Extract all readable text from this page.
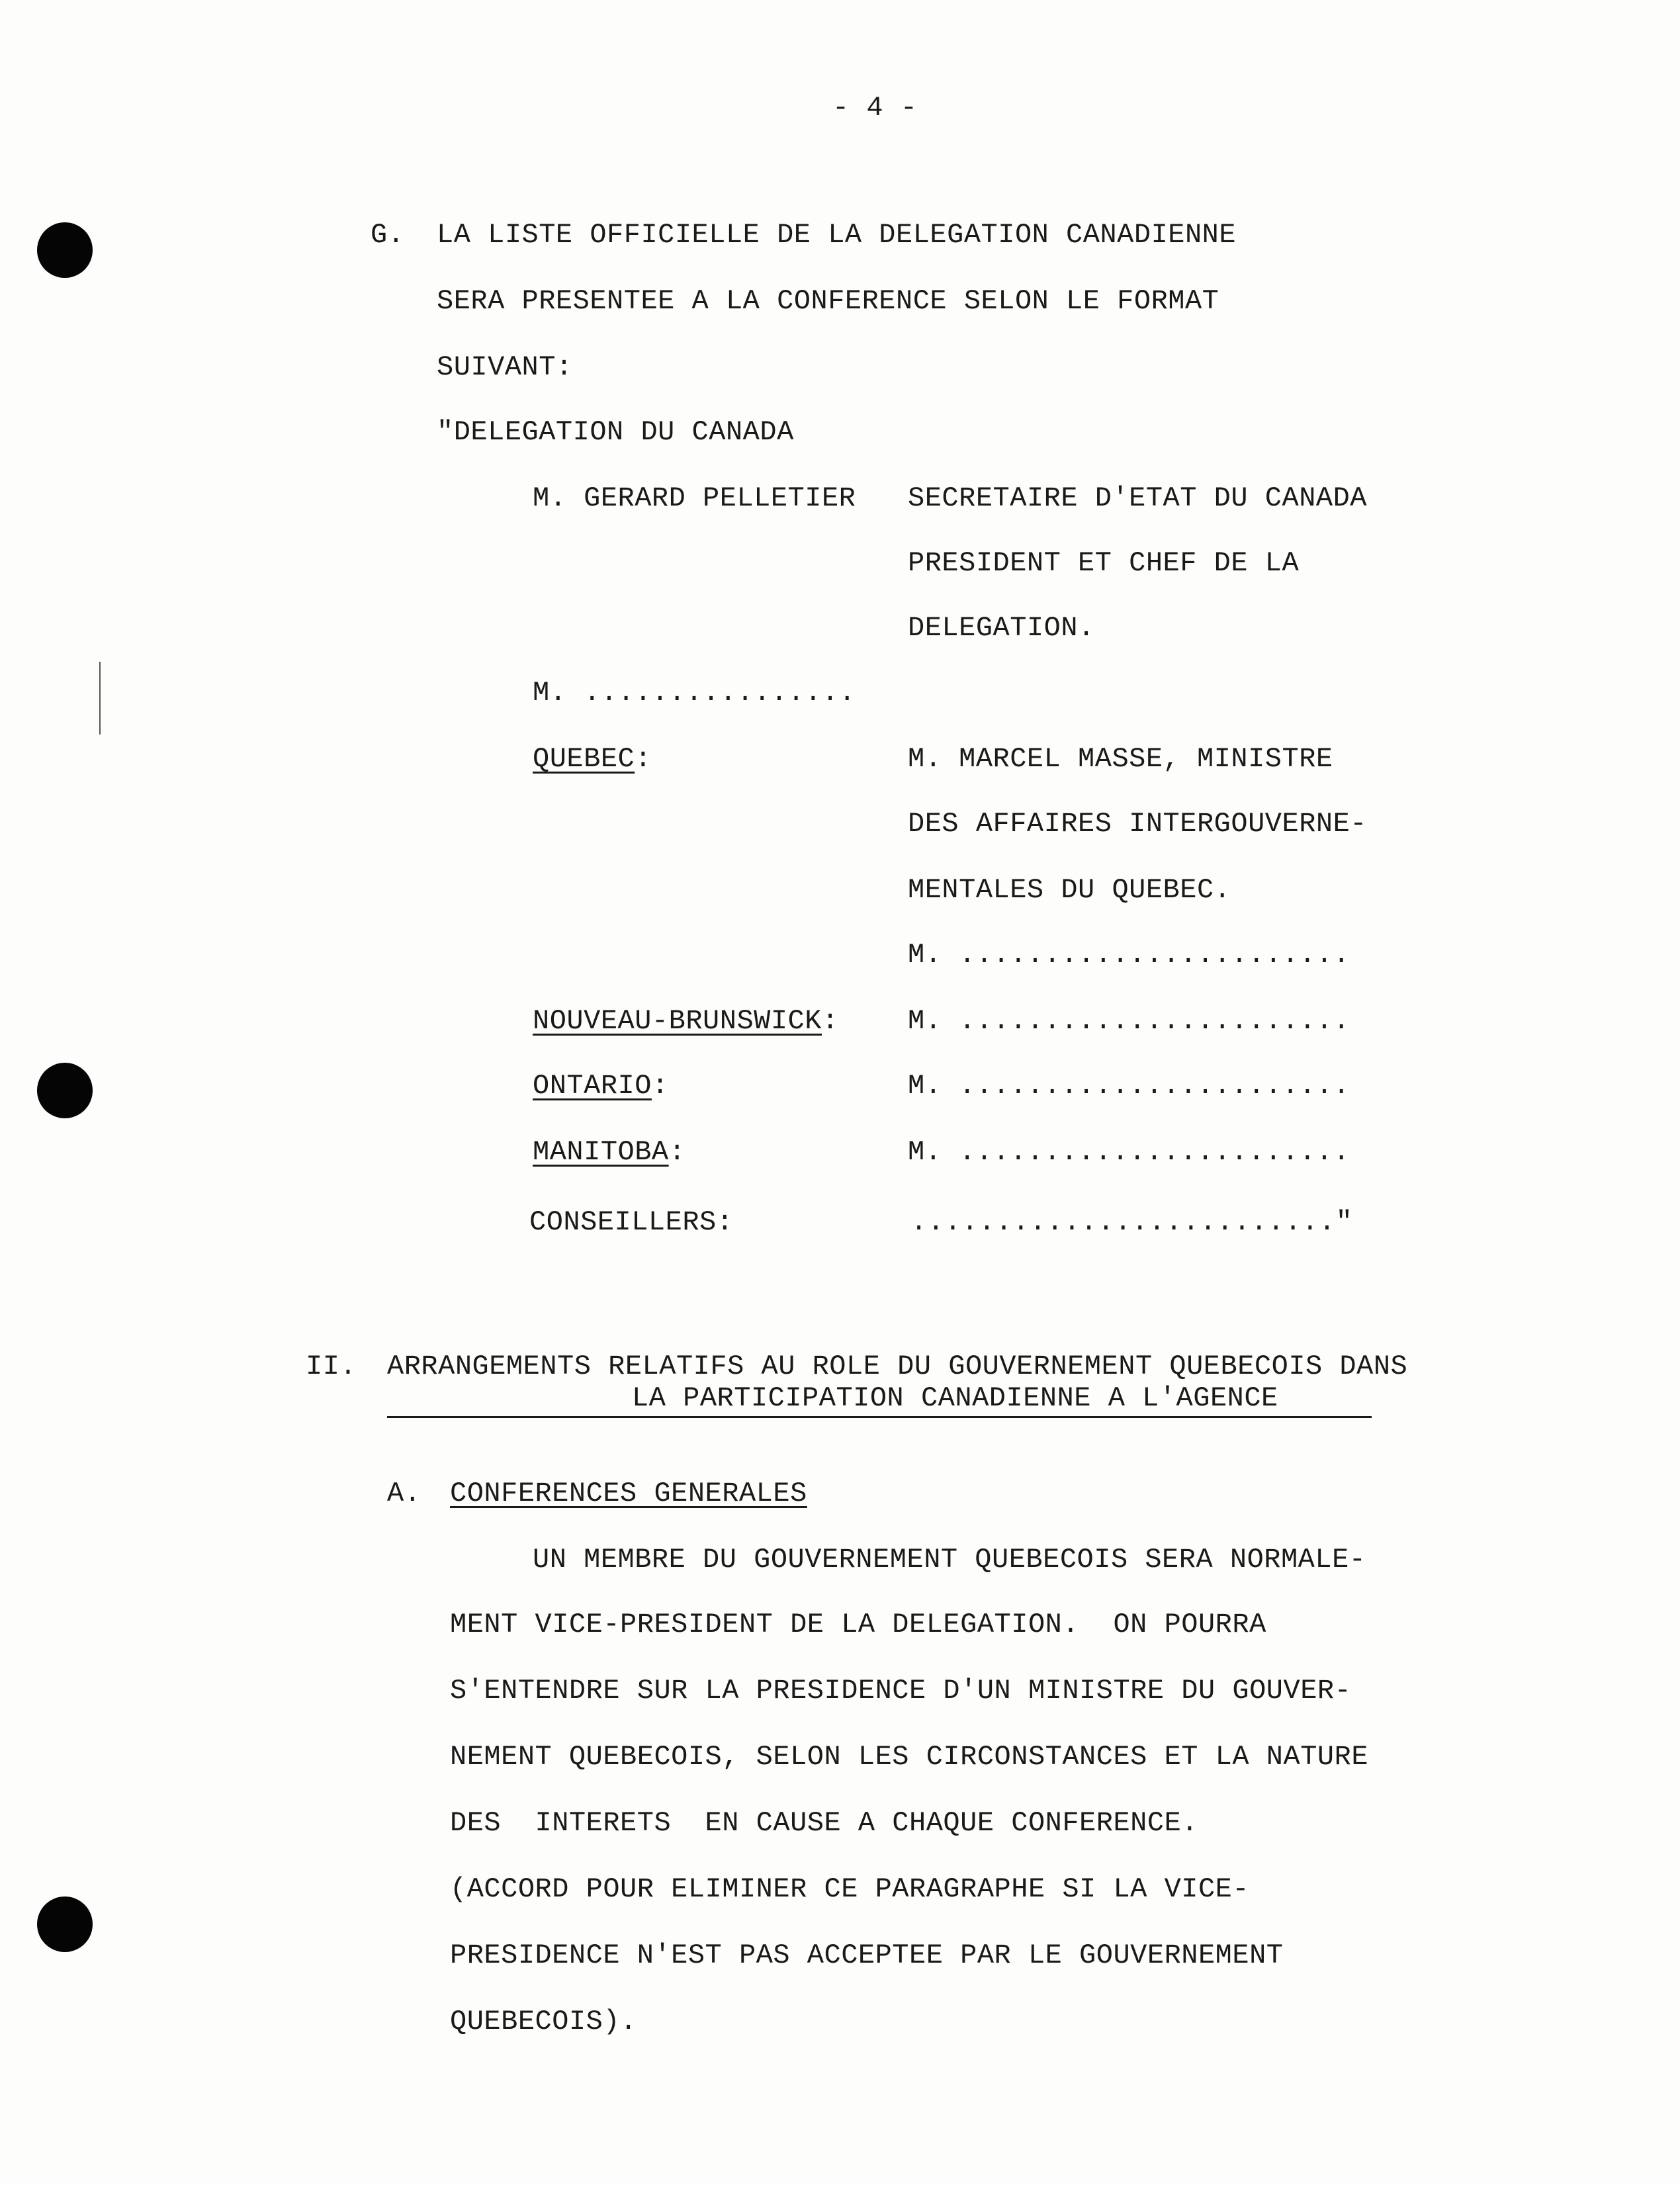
- 4 -
G. LA LISTE OFFICIELLE DE LA DELEGATION CANADIENNE
SERA PRESENTEE A LA CONFERENCE SELON LE FORMAT
SUIVANT:
"DELEGATION DU CANADA
M. GERARD PELLETIER SECRETAIRE D'ETAT DU CANADA
PRESIDENT ET CHEF DE LA
DELEGATION.
M. ................
QUEBEC:	M. MARCEL MASSE, MINISTRE
DES AFFAIRES INTERGOUVERNE-
MENTALES DU QUEBEC.
M. .......................
NOUVEAU-BRUNSWICK: M. .......................
ONTARIO:	M. .......................
MANITOBA:	M. .......................
CONSEILLERS:	........................."
II. ARRANGEMENTS RELATIFS AU ROLE DU GOUVERNEMENT QUEBECOIS DANS
LA PARTICIPATION CANADIENNE A L'AGENCE
A. CONFERENCES GENERALES
UN MEMBRE DU GOUVERNEMENT QUEBECOIS SERA NORMALE-
MENT VICE-PRESIDENT DE LA DELEGATION.  ON POURRA
S'ENTENDRE SUR LA PRESIDENCE D'UN MINISTRE DU GOUVER-
NEMENT QUEBECOIS, SELON LES CIRCONSTANCES ET LA NATURE
DES  INTERETS  EN CAUSE A CHAQUE CONFERENCE.
(ACCORD POUR ELIMINER CE PARAGRAPHE SI LA VICE-
PRESIDENCE N'EST PAS ACCEPTEE PAR LE GOUVERNEMENT
QUEBECOIS).
